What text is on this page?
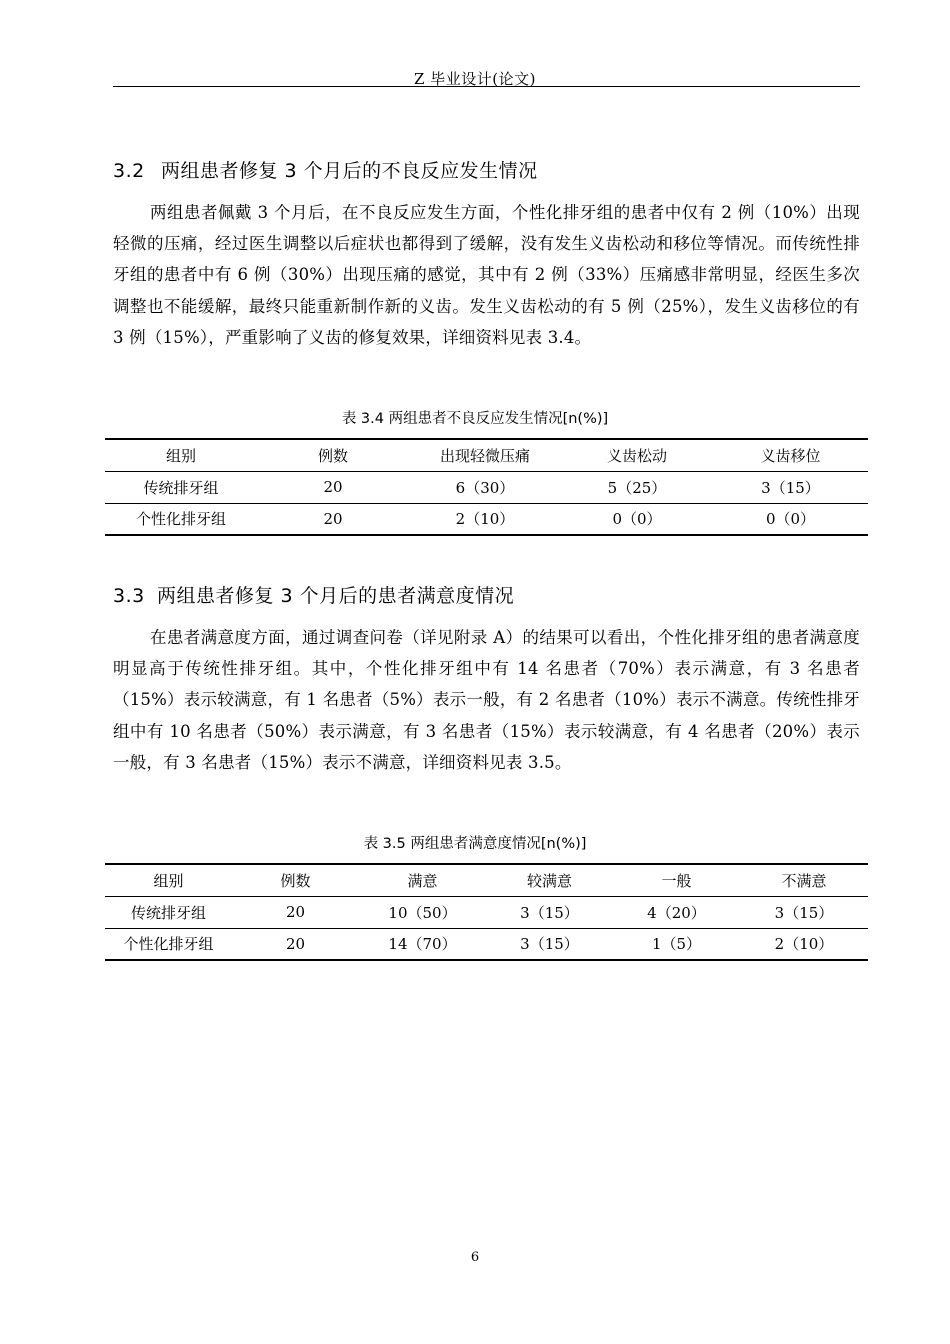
Z 毕业设计(论文)
3.2 两组患者修复 3 个月后的不良反应发生情况
两组患者佩戴 3 个月后，在不良反应发生方面，个性化排牙组的患者中仅有 2 例（10%）出现轻微的压痛，经过医生调整以后症状也都得到了缓解，没有发生义齿松动和移位等情况。而传统性排牙组的患者中有 6 例（30%）出现压痛的感觉，其中有 2 例（33%）压痛感非常明显，经医生多次调整也不能缓解，最终只能重新制作新的义齿。发生义齿松动的有 5 例（25%），发生义齿移位的有 3 例（15%），严重影响了义齿的修复效果，详细资料见表 3.4。
表 3.4 两组患者不良反应发生情况[n(%)]
组别	例数	出现轻微压痛	义齿松动	义齿移位
传统排牙组	20	6（30）	5（25）	3（15）
个性化排牙组	20	2（10）	0（0）	0（0）
3.3 两组患者修复 3 个月后的患者满意度情况
在患者满意度方面，通过调查问卷（详见附录 A）的结果可以看出，个性化排牙组的患者满意度明显高于传统性排牙组。其中，个性化排牙组中有 14 名患者（70%）表示满意，有 3 名患者（15%）表示较满意，有 1 名患者（5%）表示一般，有 2 名患者（10%）表示不满意。传统性排牙组中有 10 名患者（50%）表示满意，有 3 名患者（15%）表示较满意，有 4 名患者（20%）表示一般，有 3 名患者（15%）表示不满意，详细资料见表 3.5。
表 3.5 两组患者满意度情况[n(%)]
组别	例数	满意	较满意	一般	不满意
传统排牙组	20	10（50）	3（15）	4（20）	3（15）
个性化排牙组	20	14（70）	3（15）	1（5）	2（10）
6
